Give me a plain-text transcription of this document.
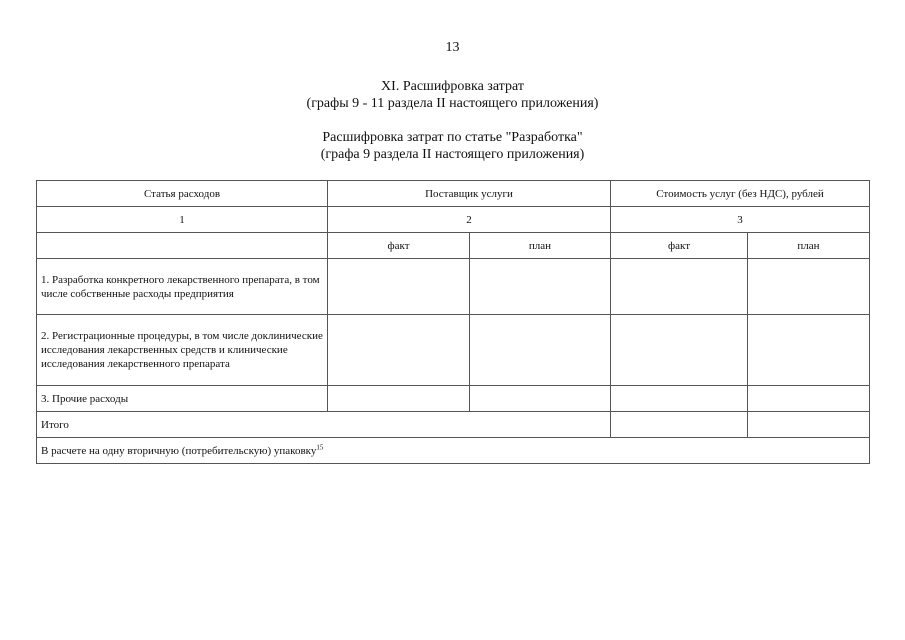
13
XI. Расшифровка затрат
(графы 9 - 11 раздела II настоящего приложения)
Расшифровка затрат по статье "Разработка"
(графа 9 раздела II настоящего приложения)
Статья расходов	Поставщик услуги		Стоимость услуг (без НДС), рублей	
1	2		3	
	факт	план	факт	план
1. Разработка конкретного лекарственного препарата, в том числе собственные расходы предприятия				
2. Регистрационные процедуры, в том числе доклинические исследования лекарственных средств и клинические исследования лекарственного препарата				
3. Прочие расходы				
Итого				
В расчете на одну вторичную (потребительскую) упаковку$^{15}$
